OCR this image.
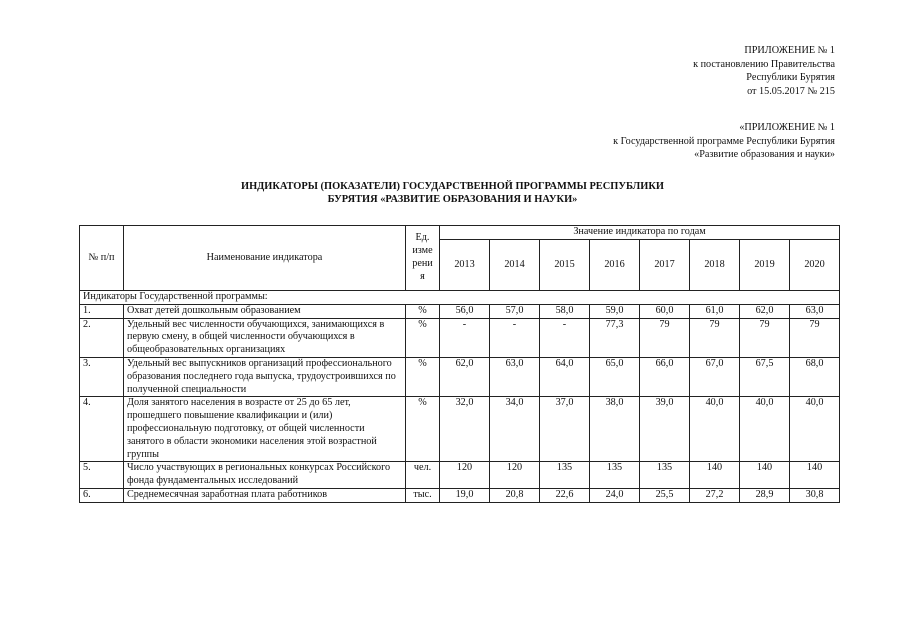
ПРИЛОЖЕНИЕ № 1
к постановлению Правительства
Республики Бурятия
от 15.05.2017 № 215
«ПРИЛОЖЕНИЕ № 1
к Государственной программе Республики Бурятия
«Развитие образования и науки»
ИНДИКАТОРЫ (ПОКАЗАТЕЛИ) ГОСУДАРСТВЕННОЙ ПРОГРАММЫ РЕСПУБЛИКИ
БУРЯТИЯ «РАЗВИТИЕ ОБРАЗОВАНИЯ И НАУКИ»
№ п/п	Наименование индикатора	Ед. изме рени я	Значение индикатора по годам							
			2013	2014	2015	2016	2017	2018	2019	2020
Индикаторы Государственной программы:										
1.	Охват детей дошкольным образованием	%	56,0	57,0	58,0	59,0	60,0	61,0	62,0	63,0
2.	Удельный вес численности обучающихся, занимающихся в первую смену, в общей численности обучающихся в общеобразовательных организациях	%	-	-	-	77,3	79	79	79	79
3.	Удельный вес выпускников организаций профессионального образования последнего года выпуска, трудоустроившихся по полученной специальности	%	62,0	63,0	64,0	65,0	66,0	67,0	67,5	68,0
4.	Доля занятого населения в возрасте от 25 до 65 лет, прошедшего повышение квалификации и (или) профессиональную подготовку, от общей численности занятого в области экономики населения этой возрастной группы	%	32,0	34,0	37,0	38,0	39,0	40,0	40,0	40,0
5.	Число участвующих в региональных конкурсах Российского фонда фундаментальных исследований	чел.	120	120	135	135	135	140	140	140
6.	Среднемесячная заработная плата работников	тыс.	19,0	20,8	22,6	24,0	25,5	27,2	28,9	30,8
